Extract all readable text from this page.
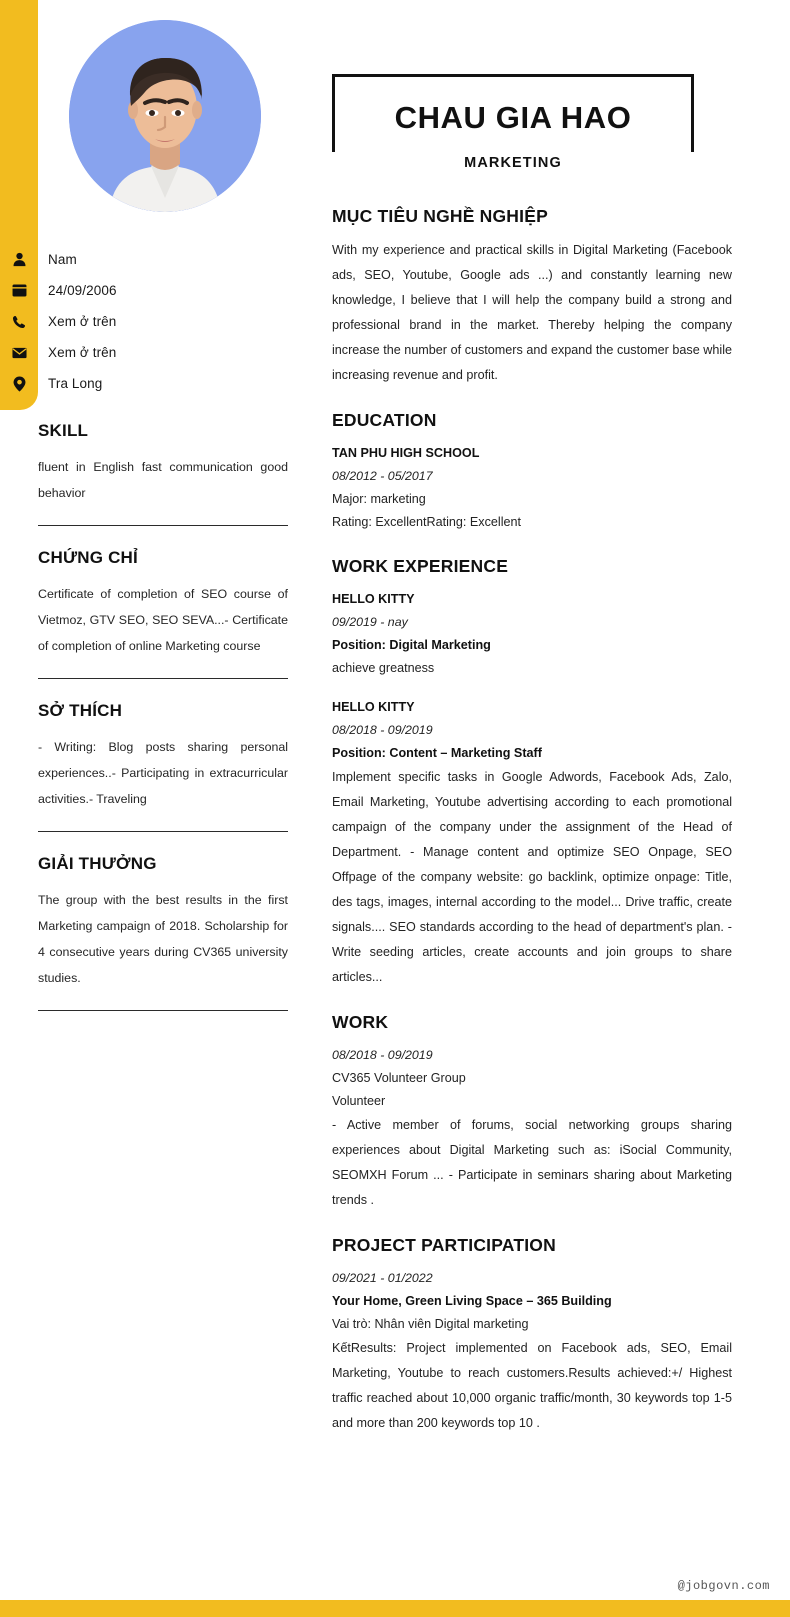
Nam
24/09/2006
Xem ở trên
Xem ở trên
Tra Long
SKILL

fluent in English fast communication good behavior

CHỨNG CHỈ

Certificate of completion of SEO course of Vietmoz, GTV SEO, SEO SEVA...- Certificate of completion of online Marketing course

SỞ THÍCH

- Writing: Blog posts sharing personal experiences..- Participating in extracurricular activities.- Traveling

GIẢI THƯỞNG

The group with the best results in the first Marketing campaign of 2018. Scholarship for 4 consecutive years during CV365 university studies.

CHAU GIA HAO
MARKETING
MỤC TIÊU NGHỀ NGHIỆP

With my experience and practical skills in Digital Marketing (Facebook ads, SEO, Youtube, Google ads ...) and constantly learning new knowledge, I believe that I will help the company build a strong and professional brand in the market. Thereby helping the company increase the number of customers and expand the customer base while increasing revenue and profit.

EDUCATION
TAN PHU HIGH SCHOOL
08/2012 - 05/2017
Major: marketing
Rating: ExcellentRating: Excellent
WORK EXPERIENCE
HELLO KITTY
09/2019 - nay
Position: Digital Marketing
achieve greatness
HELLO KITTY
08/2018 - 09/2019
Position: Content – Marketing Staff

Implement specific tasks in Google Adwords, Facebook Ads, Zalo, Email Marketing, Youtube advertising according to each promotional campaign of the company under the assignment of the Head of Department. - Manage content and optimize SEO Onpage, SEO Offpage of the company website: go backlink, optimize onpage: Title, des tags, images, internal according to the model... Drive traffic, create signals.... SEO standards according to the head of department's plan. - Write seeding articles, create accounts and join groups to share articles...

WORK
08/2018 - 09/2019
CV365 Volunteer Group
Volunteer

- Active member of forums, social networking groups sharing experiences about Digital Marketing such as: iSocial Community, SEOMXH Forum ... - Participate in seminars sharing about Marketing trends .

PROJECT PARTICIPATION
09/2021 - 01/2022
Your Home, Green Living Space – 365 Building
Vai trò: Nhân viên Digital marketing

KếtResults: Project implemented on Facebook ads, SEO, Email Marketing, Youtube to reach customers.Results achieved:+/ Highest traffic reached about 10,000 organic traffic/month, 30 keywords top 1-5 and more than 200 keywords top 10 .

@jobgovn.com
